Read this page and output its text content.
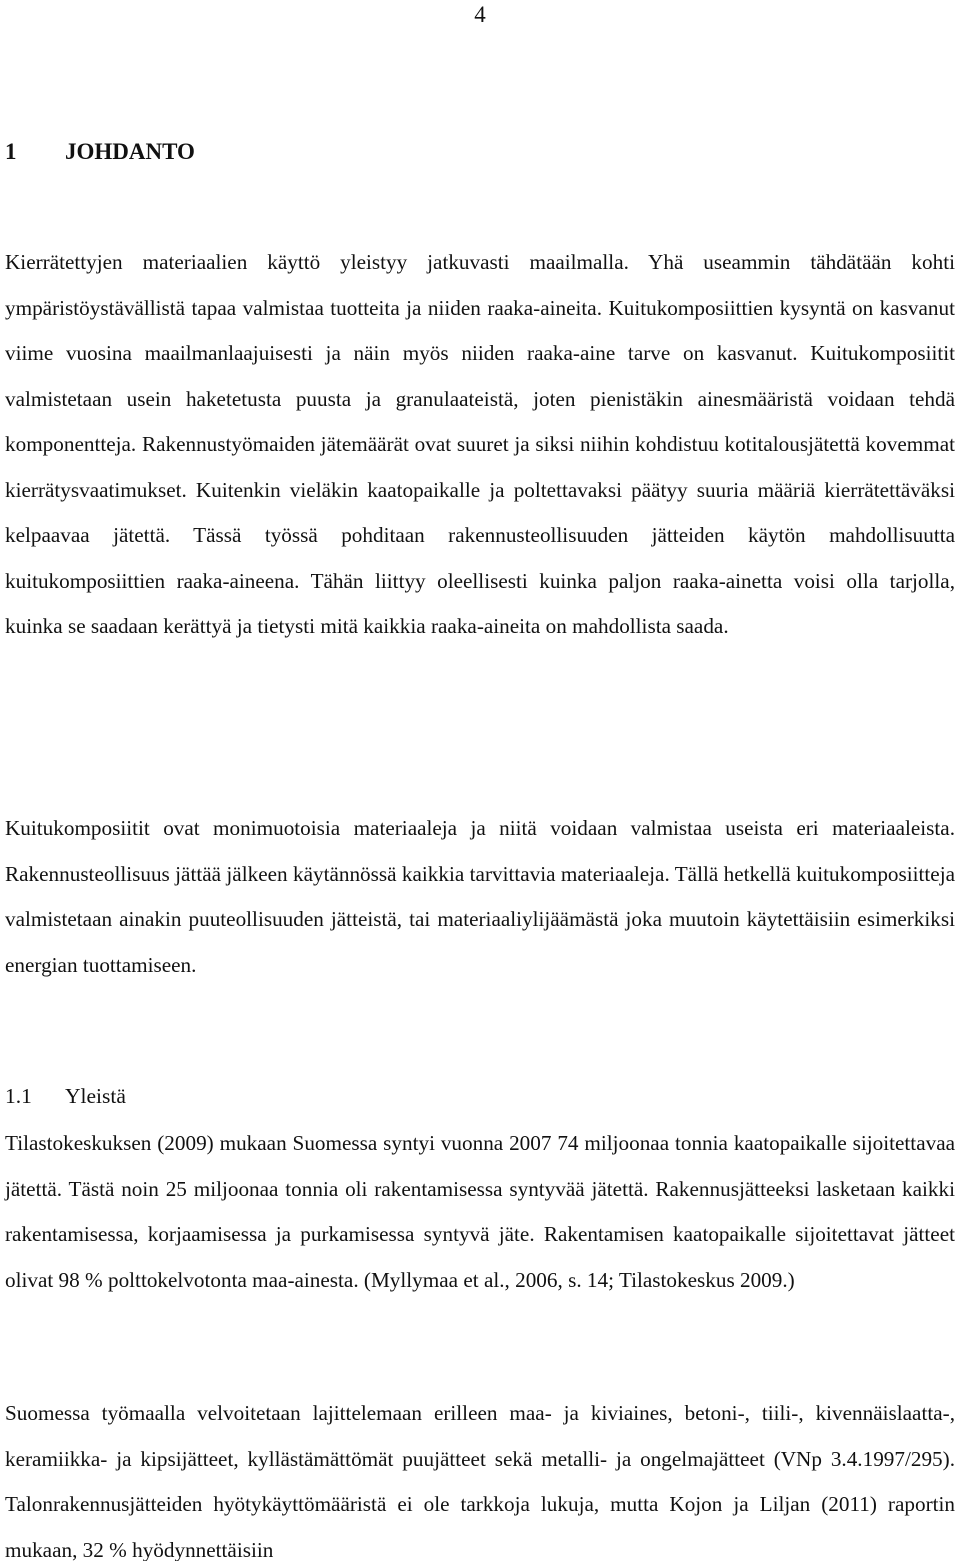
4
1 JOHDANTO

Kierrätettyjen materiaalien käyttö yleistyy jatkuvasti maailmalla. Yhä useammin tähdätään kohti ympäristöystävällistä tapaa valmistaa tuotteita ja niiden raaka-aineita. Kuitukomposiittien kysyntä on kasvanut viime vuosina maailmanlaajuisesti ja näin myös niiden raaka-aine tarve on kasvanut. Kuitukomposiitit valmistetaan usein haketetusta puusta ja granulaateistä, joten pienistäkin ainesmääristä voidaan tehdä komponentteja. Rakennustyömaiden jätemäärät ovat suuret ja siksi niihin kohdistuu kotitalousjätettä kovemmat kierrätysvaatimukset. Kuitenkin vieläkin kaatopaikalle ja poltettavaksi päätyy suuria määriä kierrätettäväksi kelpaavaa jätettä. Tässä työssä pohditaan rakennusteollisuuden jätteiden käytön mahdollisuutta kuitukomposiittien raaka-aineena. Tähän liittyy oleellisesti kuinka paljon raaka-ainetta voisi olla tarjolla, kuinka se saadaan kerättyä ja tietysti mitä kaikkia raaka-aineita on mahdollista saada.

Kuitukomposiitit ovat monimuotoisia materiaaleja ja niitä voidaan valmistaa useista eri materiaaleista. Rakennusteollisuus jättää jälkeen käytännössä kaikkia tarvittavia materiaaleja. Tällä hetkellä kuitukomposiitteja valmistetaan ainakin puuteollisuuden jätteistä, tai materiaaliylijäämästä joka muutoin käytettäisiin esimerkiksi energian tuottamiseen.

1.1 Yleistä

Tilastokeskuksen (2009) mukaan Suomessa syntyi vuonna 2007 74 miljoonaa tonnia kaatopaikalle sijoitettavaa jätettä. Tästä noin 25 miljoonaa tonnia oli rakentamisessa syntyvää jätettä. Rakennusjätteeksi lasketaan kaikki rakentamisessa, korjaamisessa ja purkamisessa syntyvä jäte. Rakentamisen kaatopaikalle sijoitettavat jätteet olivat 98 % polttokelvotonta maa-ainesta. (Myllymaa et al., 2006, s. 14; Tilastokeskus 2009.)

Suomessa työmaalla velvoitetaan lajittelemaan erilleen maa- ja kiviaines, betoni-, tiili-, kivennäislaatta-, keramiikka- ja kipsijätteet, kyllästämättömät puujätteet sekä metalli- ja ongelmajätteet (VNp 3.4.1997/295). Talonrakennusjätteiden hyötykäyttömääristä ei ole tarkkoja lukuja, mutta Kojon ja Liljan (2011) raportin mukaan, 32 % hyödynnettäisiin
